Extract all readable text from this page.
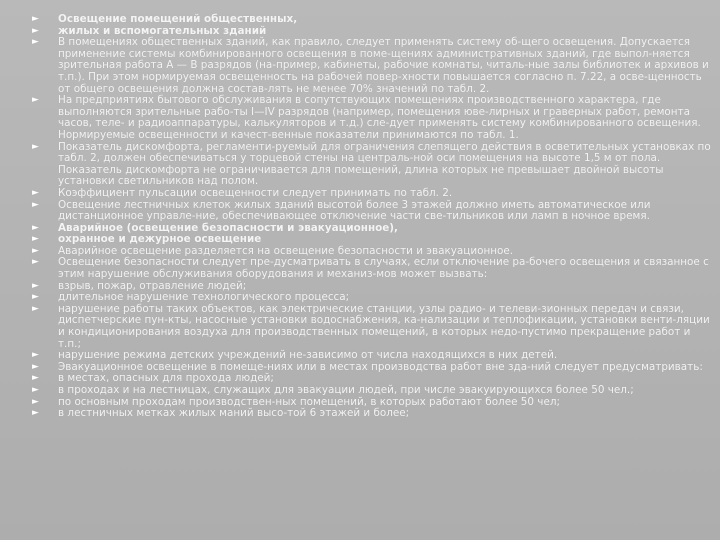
► Освещение помещений общественных,
► жилых и вспомогательных зданий
► В помещениях общественных зданий, как правило, следует применять систему об-щего освещения. Допускается применение системы комбинированного освещения в поме-щениях административных зданий, где выпол-няется зрительная работа А — В разрядов (на-пример, кабинеты, рабочие комнаты, читаль-ные залы библиотек и архивов и т.п.). При этом нормируемая освещенность на рабочей повер-хности повышается согласно п. 7.22, а осве-щенность от общего освещения должна состав-лять не менее 70% значений по табл. 2.
► На предприятиях бытового обслуживания в сопутствующих помещениях производственного характера, где выполняются зрительные рабо-ты I—IV разрядов (например, помещения юве-лирных и граверных работ, ремонта часов, теле- и радиоаппаратуры, калькуляторов и т.д.) сле-дует применять систему комбинированного освещения. Нормируемые освещенности и качест-венные показатели принимаются по табл. 1.
► Показатель дискомфорта, регламенти-руемый для ограничения слепящего действия в осветительных установках по табл. 2, должен обеспечиваться у торцевой стены на централь-ной оси помещения на высоте 1,5 м от пола. Показатель дискомфорта не ограничивается для помещений, длина которых не превышает двойной высоты установки светильников над полом.
► Коэффициент пульсации освещенности следует принимать по табл. 2.
► Освещение лестничных клеток жилых зданий высотой более 3 этажей должно иметь автоматическое или дистанционное управле-ние, обеспечивающее отключение части све-тильников или ламп в ночное время.
► Аварийное (освещение безопасности и эвакуационное),
► охранное и дежурное освещение
► Аварийное освещение разделяется на освещение безопасности и эвакуационное.
► Освещение безопасности следует пре-дусматривать в случаях, если отключение ра-бочего освещения и связанное с этим нарушение обслуживания оборудования и механиз-мов может вызвать:
► взрыв, пожар, отравление людей;
► длительное нарушение технологического процесса;
► нарушение работы таких объектов, как электрические станции, узлы радио- и телеви-зионных передач и связи, диспетчерские пун-кты, насосные установки водоснабжения, ка-нализации и теплофикации, установки венти-ляции и кондиционирования воздуха для производственных помещений, в которых недо-пустимо прекращение работ и т.п.;
► нарушение режима детских учреждений не-зависимо от числа находящихся в них детей.
► Эвакуационное освещение в помеще-ниях или в местах производства работ вне зда-ний следует предусматривать:
► в местах, опасных для прохода людей;
► в проходах и на лестницах, служащих для эвакуации людей, при числе эвакуирующихся более 50 чел.;
► по основным проходам производствен-ных помещений, в которых работают более 50 чел;
► в лестничных метках жилых маний высо-той 6 этажей и более;
